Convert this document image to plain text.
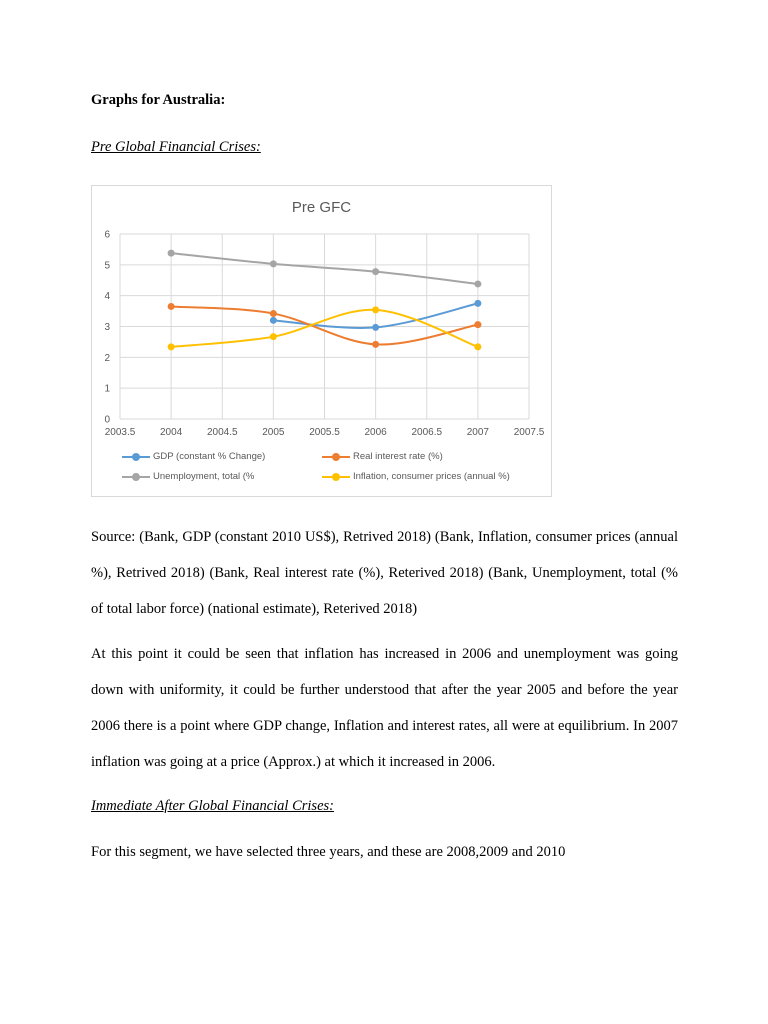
Graphs for Australia:
Pre Global Financial Crises:
Pre GFC
0
1
2
3
4
5
6
2003.5 2004 2004.5 2005 2005.5 2006 2006.5 2007 2007.5
GDP (constant % Change)	Real interest rate (%)
Unemployment, total (%	Inflation, consumer prices (annual %)

Source: (Bank, GDP (constant 2010 US$), Retrived 2018) (Bank, Inflation, consumer prices (annual %), Retrived 2018) (Bank, Real interest rate (%), Reterived 2018) (Bank, Unemployment, total (% of total labor force) (national estimate), Reterived 2018)

At this point it could be seen that inflation has increased in 2006 and unemployment was going down with uniformity, it could be further understood that after the year 2005 and before the year 2006 there is a point where GDP change, Inflation and interest rates, all were at equilibrium. In 2007 inflation was going at a price (Approx.) at which it increased in 2006.

Immediate After Global Financial Crises:

For this segment, we have selected three years, and these are 2008,2009 and 2010
